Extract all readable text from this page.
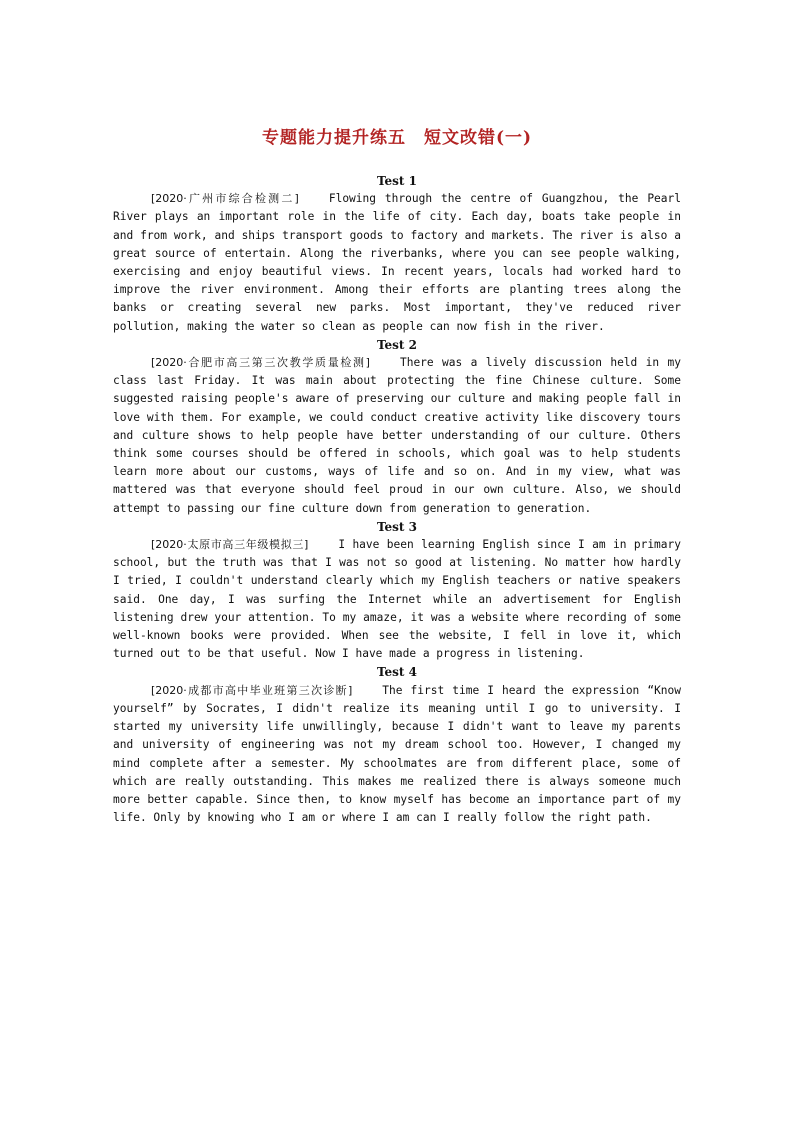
专题能力提升练五　短文改错(一)
Test 1

[2020·广州市综合检测二]	Flowing through the centre of Guangzhou, the Pearl River plays an important role in the life of city. Each day, boats take people in and from work, and ships transport goods to factory and markets. The river is also a great source of entertain. Along the riverbanks, where you can see people walking, exercising and enjoy beautiful views. In recent years, locals had worked hard to improve the river environment. Among their efforts are planting trees along the banks or creating several new parks. Most important, they've reduced river pollution, making the water so clean as people can now fish in the river.

Test 2

[2020·合肥市高三第三次教学质量检测]	There was a lively discussion held in my class last Friday. It was main about protecting the fine Chinese culture. Some suggested raising people's aware of preserving our culture and making people fall in love with them. For example, we could conduct creative activity like discovery tours and culture shows to help people have better understanding of our culture. Others think some courses should be offered in schools, which goal was to help students learn more about our customs, ways of life and so on. And in my view, what was mattered was that everyone should feel proud in our own culture. Also, we should attempt to passing our fine culture down from generation to generation.

Test 3

[2020·太原市高三年级模拟三]	I have been learning English since I am in primary school, but the truth was that I was not so good at listening. No matter how hardly I tried, I couldn't understand clearly which my English teachers or native speakers said. One day, I was surfing the Internet while an advertisement for English listening drew your attention. To my amaze, it was a website where recording of some well-known books were provided. When see the website, I fell in love it, which turned out to be that useful. Now I have made a progress in listening.

Test 4

[2020·成都市高中毕业班第三次诊断]	The first time I heard the expression “Know yourself” by Socrates, I didn't realize its meaning until I go to university. I started my university life unwillingly, because I didn't want to leave my parents and university of engineering was not my dream school too. However, I changed my mind complete after a semester. My schoolmates are from different place, some of which are really outstanding. This makes me realized there is always someone much more better capable. Since then, to know myself has become an importance part of my life. Only by knowing who I am or where I am can I really follow the right path.
